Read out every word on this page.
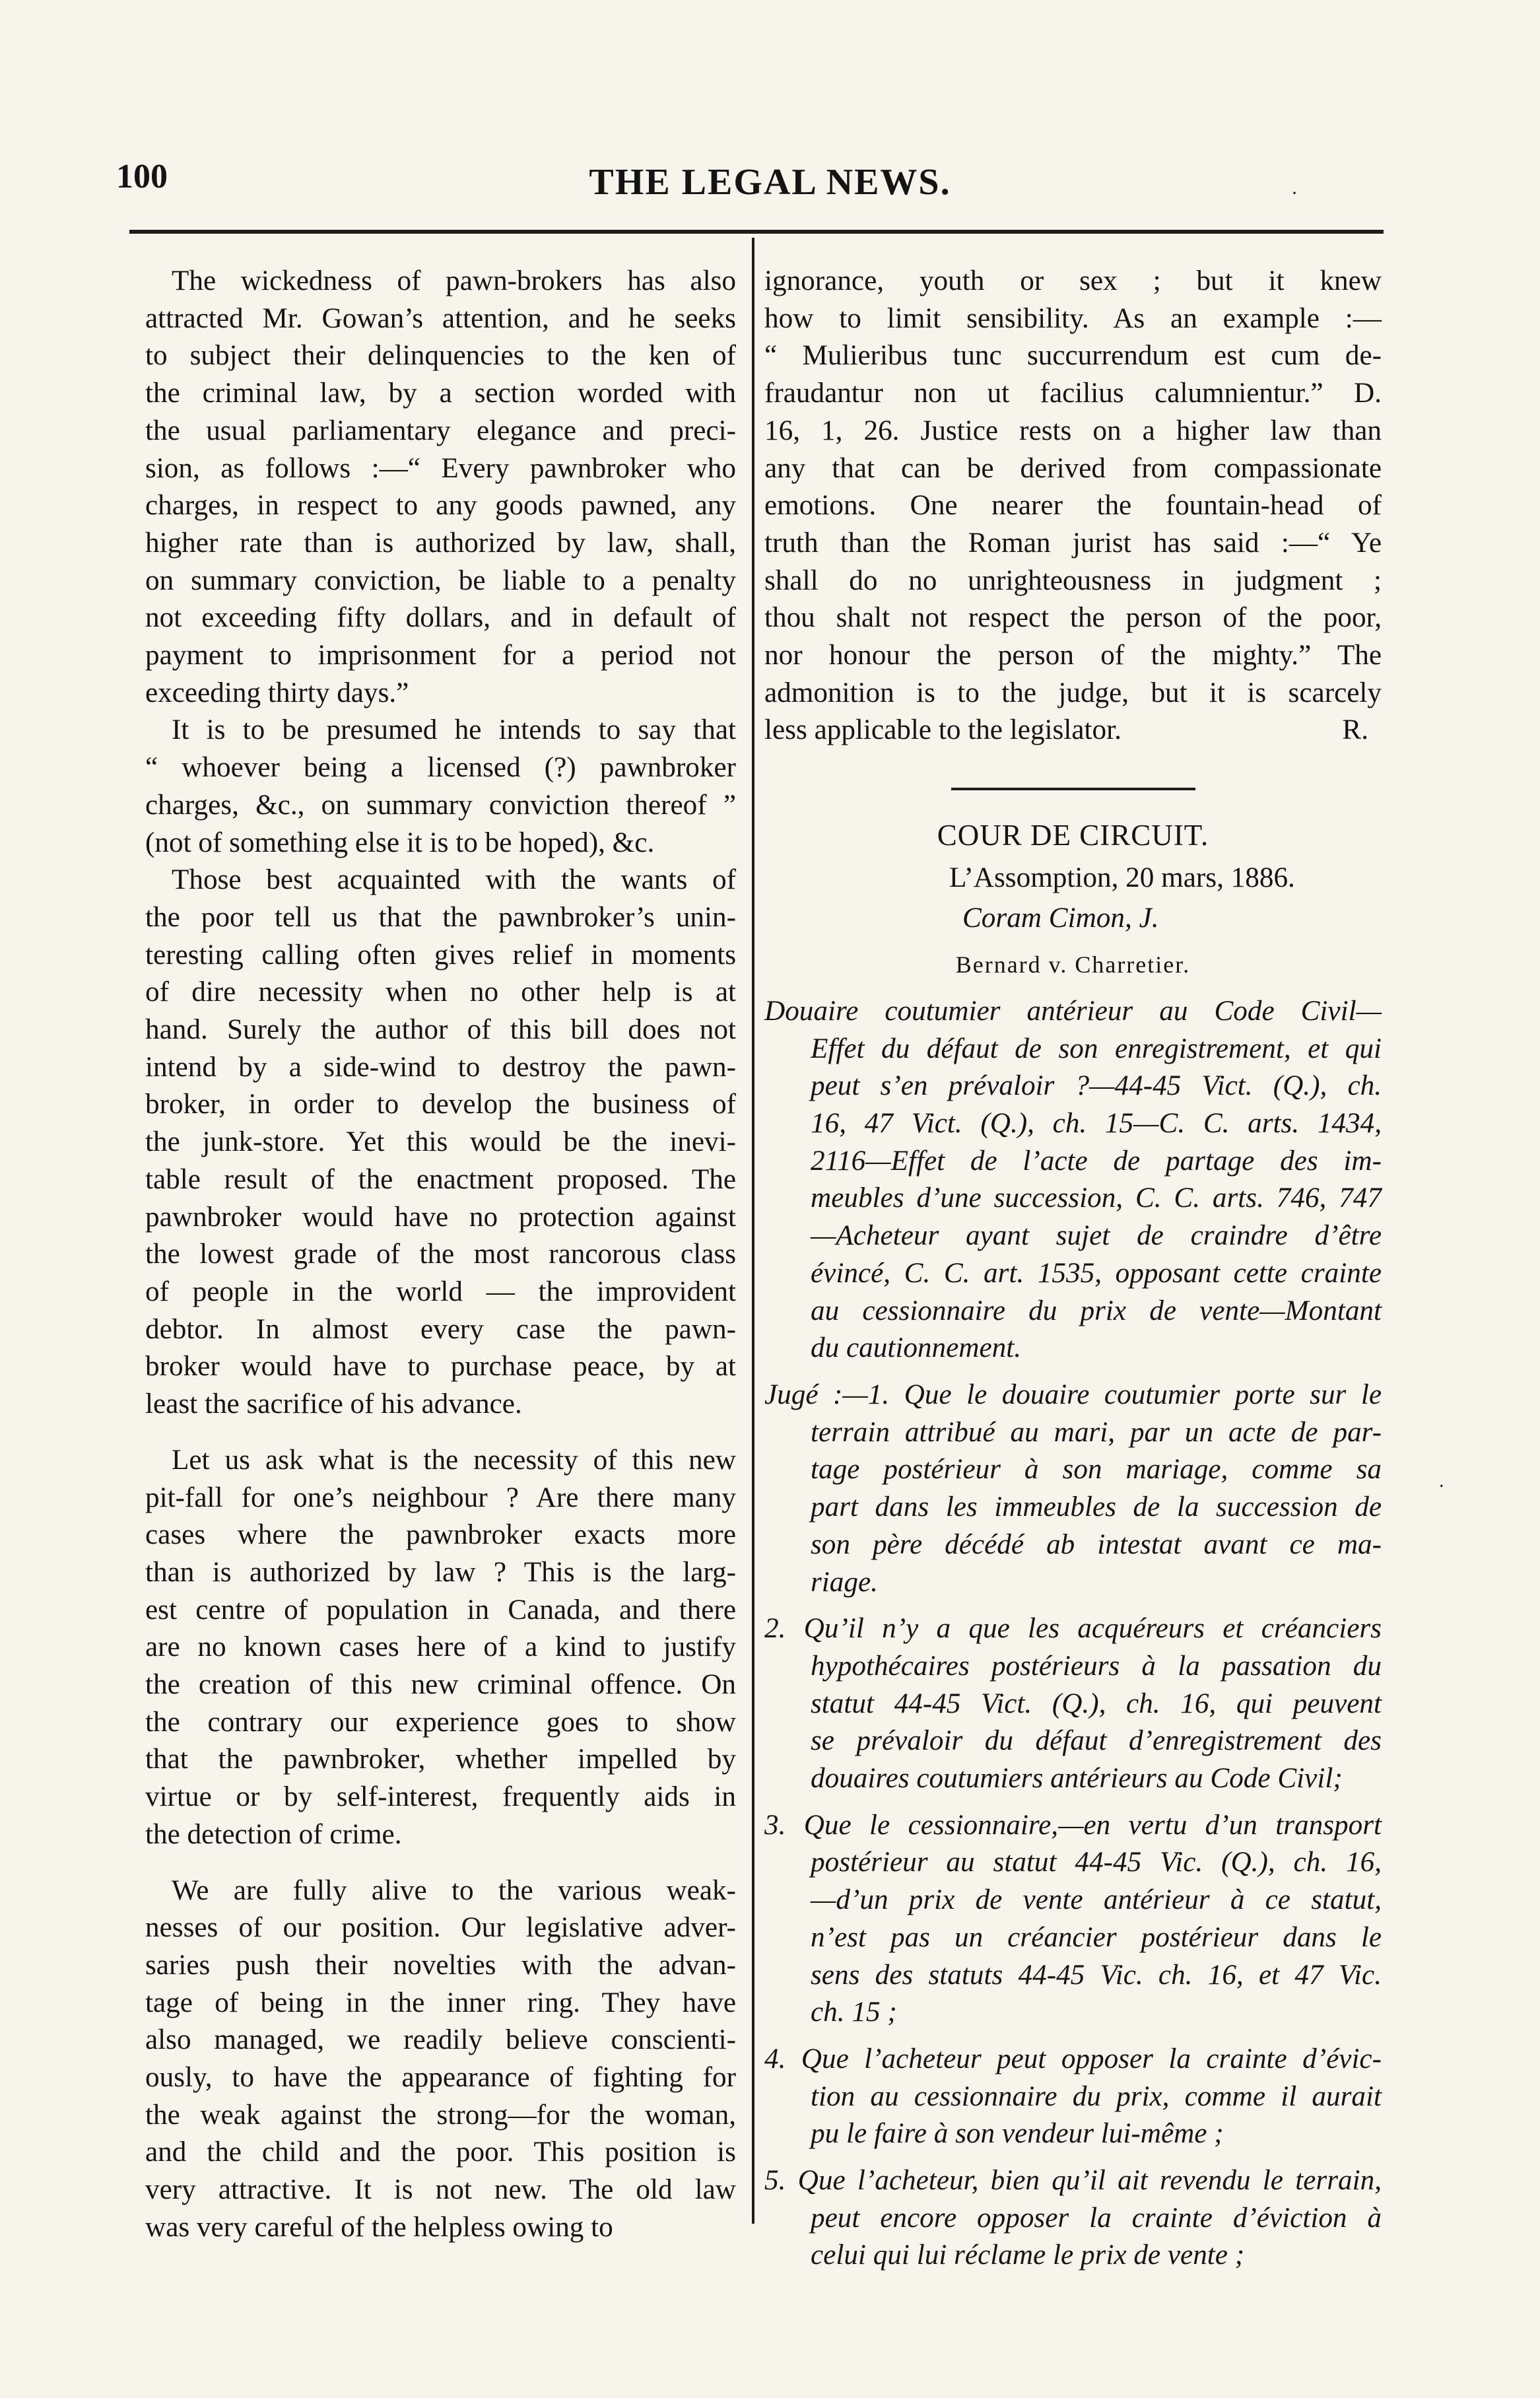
100	THE LEGAL NEWS.	·

The wickedness of pawn-brokers has also
attracted Mr. Gowan’s attention, and he seeks
to subject their delinquencies to the ken of
the criminal law, by a section worded with
the usual parliamentary elegance and preci-
sion, as follows :—“ Every pawnbroker who
charges, in respect to any goods pawned, any
higher rate than is authorized by law, shall,
on summary conviction, be liable to a penalty
not exceeding fifty dollars, and in default of
payment to imprisonment for a period not
exceeding thirty days.”

It is to be presumed he intends to say that
“ whoever being a licensed (?) pawnbroker
charges, &c., on summary conviction thereof ”
(not of something else it is to be hoped), &c.

Those best acquainted with the wants of
the poor tell us that the pawnbroker’s unin-
teresting calling often gives relief in moments
of dire necessity when no other help is at
hand. Surely the author of this bill does not
intend by a side-wind to destroy the pawn-
broker, in order to develop the business of
the junk-store. Yet this would be the inevi-
table result of the enactment proposed. The
pawnbroker would have no protection against
the lowest grade of the most rancorous class
of people in the world — the improvident
debtor. In almost every case the pawn-
broker would have to purchase peace, by at
least the sacrifice of his advance.

Let us ask what is the necessity of this new
pit-fall for one’s neighbour ? Are there many
cases where the pawnbroker exacts more
than is authorized by law ? This is the larg-
est centre of population in Canada, and there
are no known cases here of a kind to justify
the creation of this new criminal offence. On
the contrary our experience goes to show
that the pawnbroker, whether impelled by
virtue or by self-interest, frequently aids in
the detection of crime.

We are fully alive to the various weak-
nesses of our position. Our legislative adver-
saries push their novelties with the advan-
tage of being in the inner ring. They have
also managed, we readily believe conscienti-
ously, to have the appearance of fighting for
the weak against the strong—for the woman,
and the child and the poor. This position is
very attractive. It is not new. The old law
was very careful of the helpless owing to

ignorance, youth or sex ; but it knew
how to limit sensibility. As an example :—
“ Mulieribus tunc succurrendum est cum de-
fraudantur non ut facilius calumnientur.” D.
16, 1, 26. Justice rests on a higher law than
any that can be derived from compassionate
emotions. One nearer the fountain-head of
truth than the Roman jurist has said :—“ Ye
shall do no unrighteousness in judgment ;
thou shalt not respect the person of the poor,
nor honour the person of the mighty.” The
admonition is to the judge, but it is scarcely
less applicable to the legislator.	R.

COUR DE CIRCUIT.

L’Assomption, 20 mars, 1886.

Coram Cimon, J.

Bernard v. Charretier.

Douaire coutumier antérieur au Code Civil—
Effet du défaut de son enregistrement, et qui
peut s’en prévaloir ?—44-45 Vict. (Q.), ch.
16, 47 Vict. (Q.), ch. 15—C. C. arts. 1434,
2116—Effet de l’acte de partage des im-
meubles d’une succession, C. C. arts. 746, 747
—Acheteur ayant sujet de craindre d’être
évincé, C. C. art. 1535, opposant cette crainte
au cessionnaire du prix de vente—Montant
du cautionnement.

Jugé :—1. Que le douaire coutumier porte sur le
terrain attribué au mari, par un acte de par-
tage postérieur à son mariage, comme sa
part dans les immeubles de la succession de
son père décédé ab intestat avant ce ma-
riage.

2. Qu’il n’y a que les acquéreurs et créanciers
hypothécaires postérieurs à la passation du
statut 44-45 Vict. (Q.), ch. 16, qui peuvent
se prévaloir du défaut d’enregistrement des
douaires coutumiers antérieurs au Code Civil;

3. Que le cessionnaire,—en vertu d’un transport
postérieur au statut 44-45 Vic. (Q.), ch. 16,
—d’un prix de vente antérieur à ce statut,
n’est pas un créancier postérieur dans le
sens des statuts 44-45 Vic. ch. 16, et 47 Vic.
ch. 15 ;

4. Que l’acheteur peut opposer la crainte d’évic-
tion au cessionnaire du prix, comme il aurait
pu le faire à son vendeur lui-même ;

5. Que l’acheteur, bien qu’il ait revendu le terrain,
peut encore opposer la crainte d’éviction à
celui qui lui réclame le prix de vente ;

.
